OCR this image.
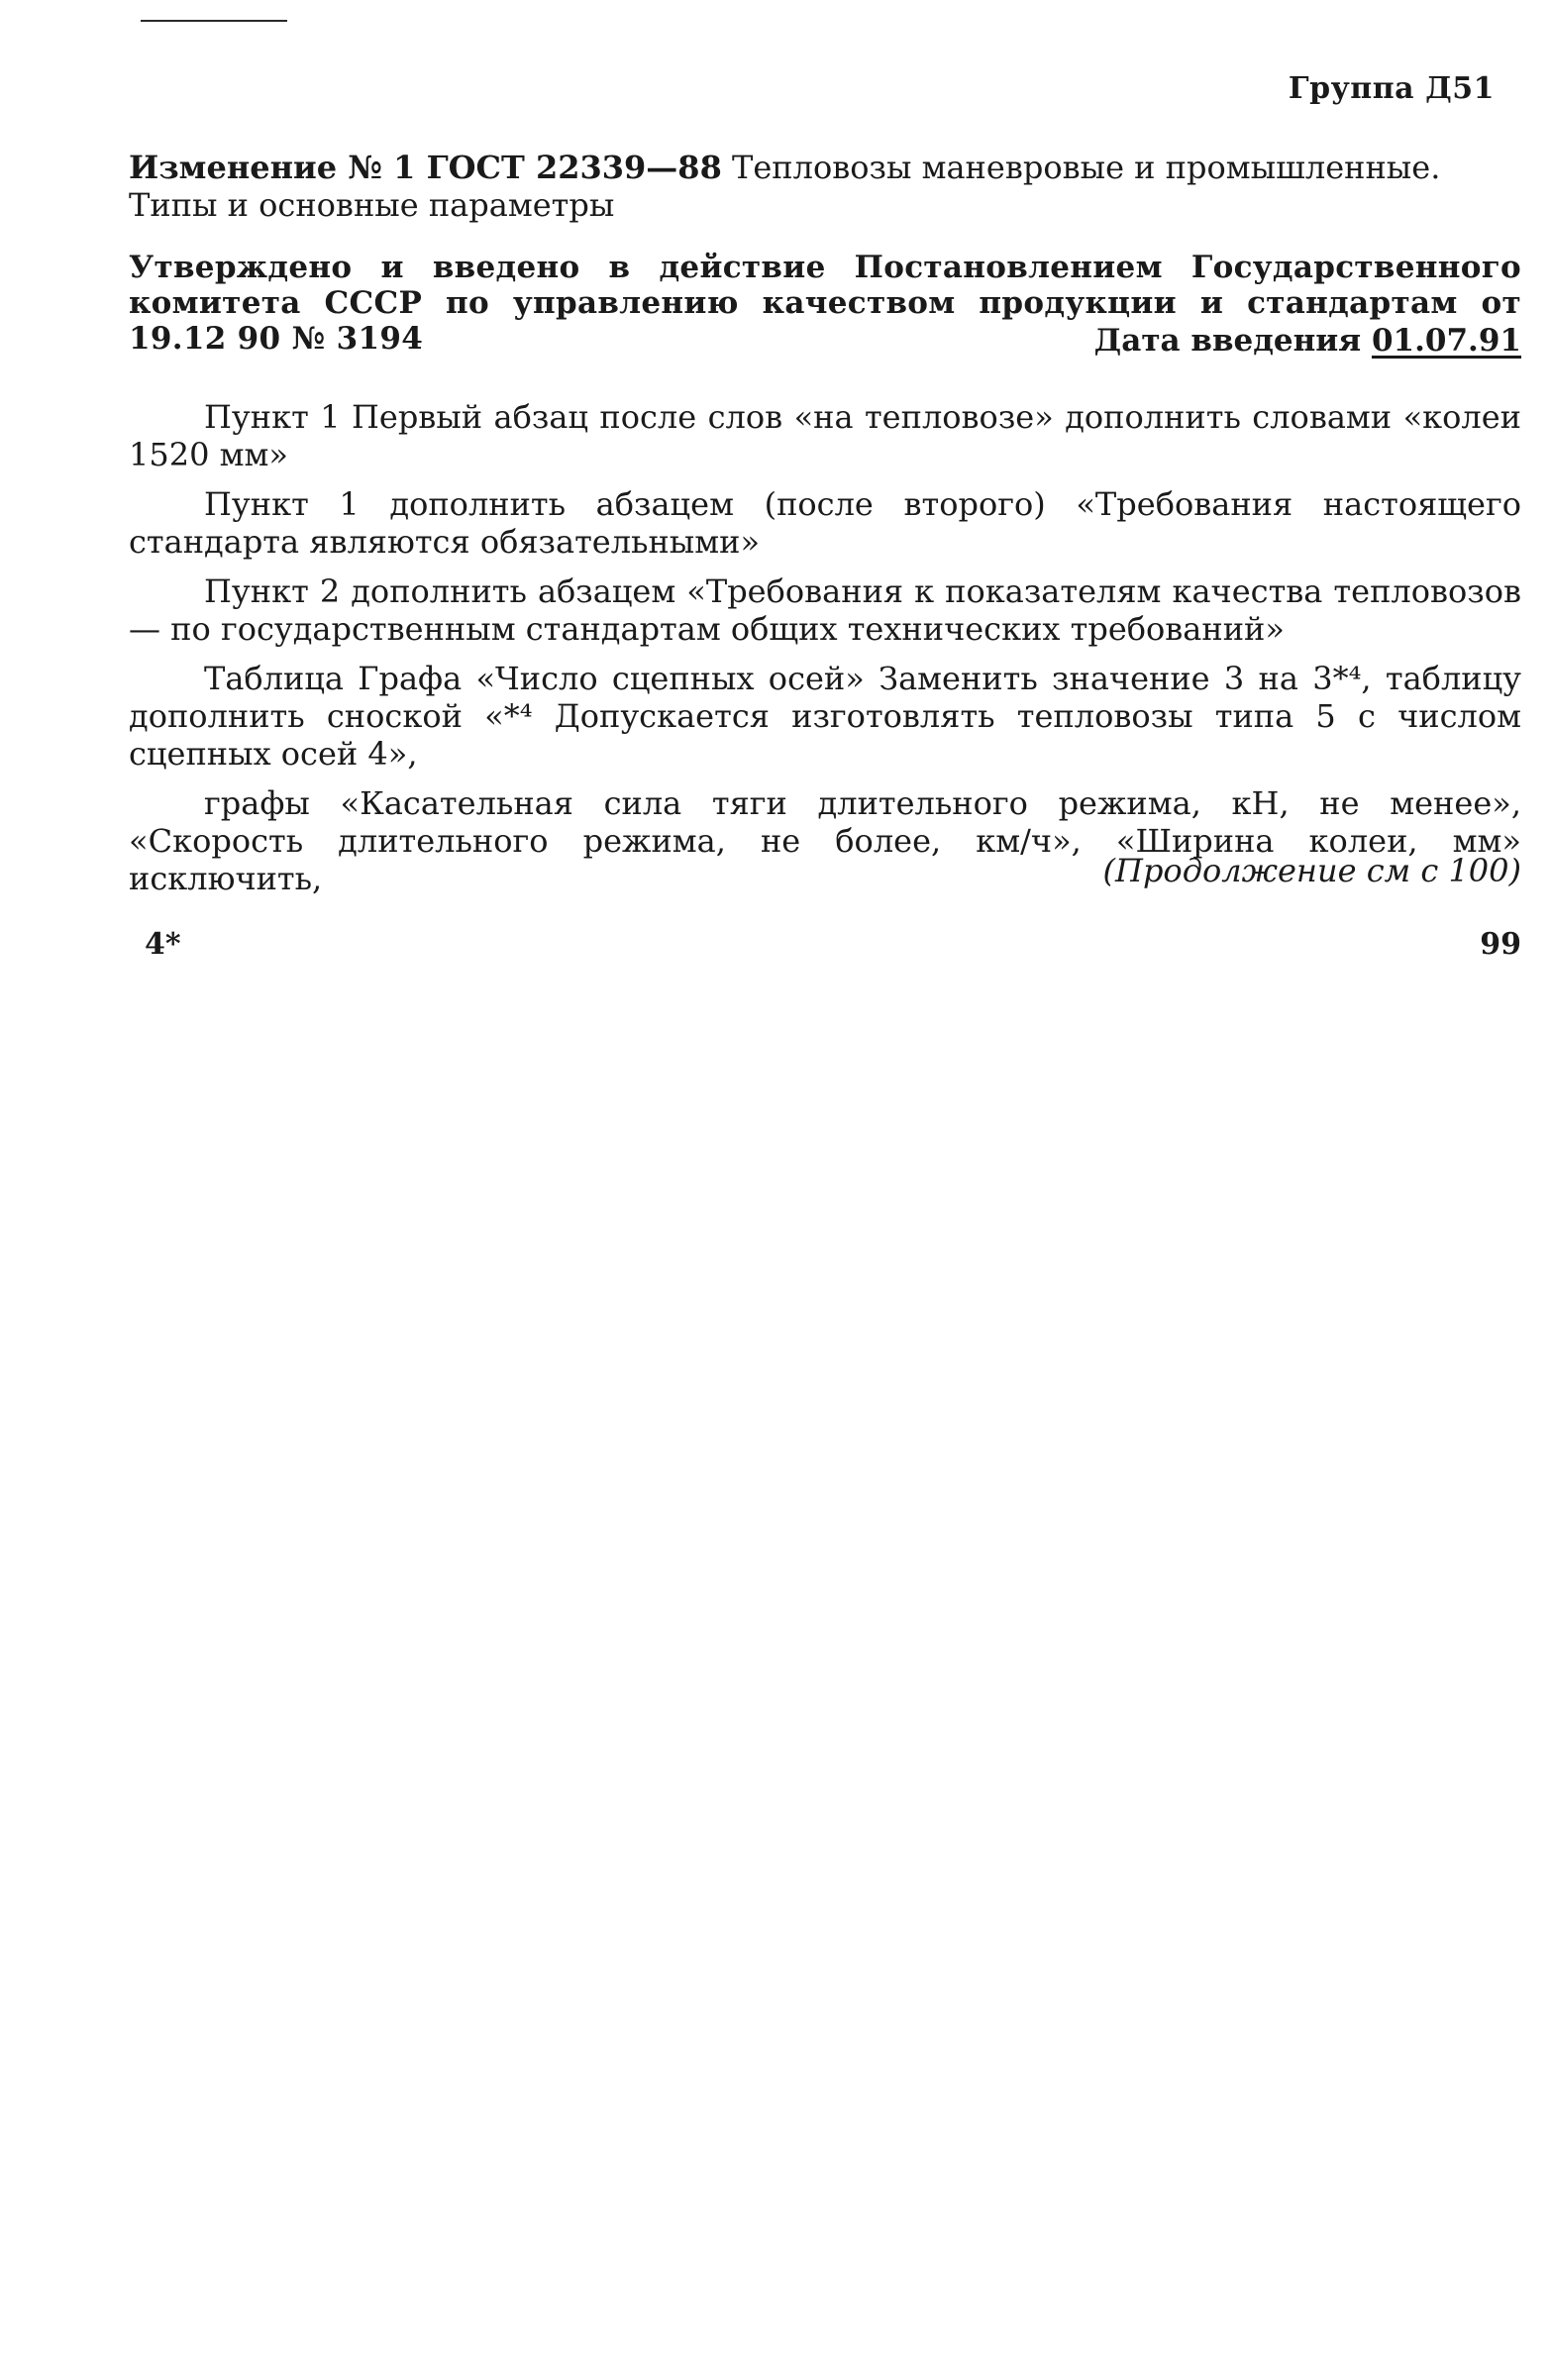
Группа Д51
Изменение № 1 ГОСТ 22339—88 Тепловозы маневровые и промышленные. Типы и основные параметры
Утверждено и введено в действие Постановлением Государственного комитета СССР по управлению качеством продукции и стандартам от 19.12 90 № 3194	Дата введения 01.07.91

Пункт 1 Первый абзац после слов «на тепловозе» дополнить словами «колеи 1520 мм»

Пункт 1 дополнить абзацем (после второго) «Требования настоящего стандарта являются обязательными»

Пункт 2 дополнить абзацем «Требования к показателям качества тепловозов — по государственным стандартам общих технических требований»

Таблица Графа «Число сцепных осей» Заменить значение 3 на 3*⁴, таблицу дополнить сноской «*⁴ Допускается изготовлять тепловозы типа 5 с числом сцепных осей 4»,

графы «Касательная сила тяги длительного режима, кН, не менее», «Скорость длительного режима, не более, км/ч», «Ширина колеи, мм» исключить,	(Продолжение см с 100)
4*	99
